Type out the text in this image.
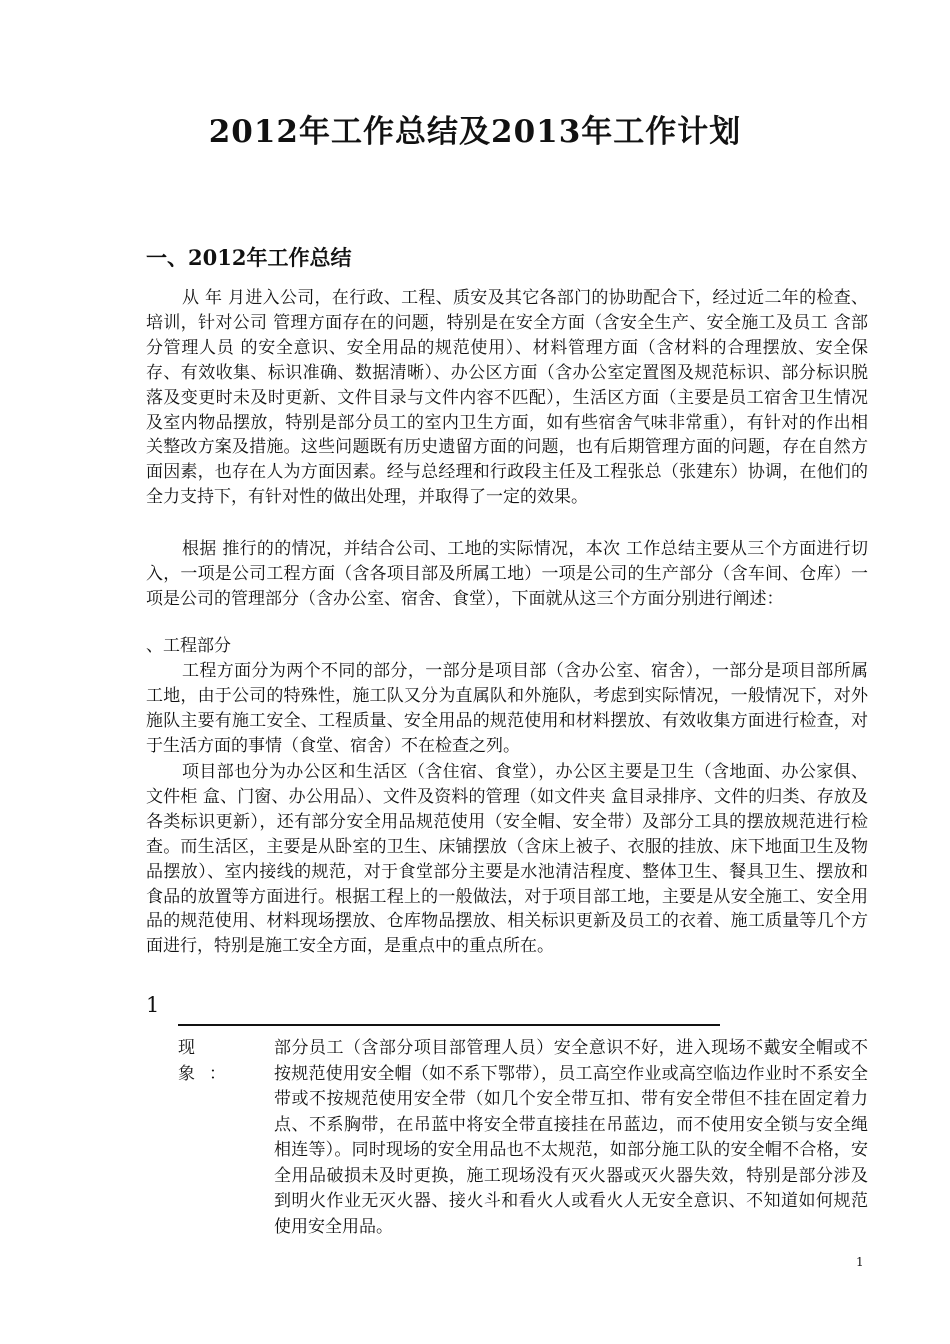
2012年工作总结及2013年工作计划
一、2012年工作总结

从 年 月进入公司，在行政、工程、质安及其它各部门的协助配合下，经过近二年的检查、培训，针对公司 管理方面存在的问题，特别是在安全方面（含安全生产、安全施工及员工 含部分管理人员 的安全意识、安全用品的规范使用）、材料管理方面（含材料的合理摆放、安全保存、有效收集、标识准确、数据清晰）、办公区方面（含办公室定置图及规范标识、部分标识脱落及变更时未及时更新、文件目录与文件内容不匹配），生活区方面（主要是员工宿舍卫生情况及室内物品摆放，特别是部分员工的室内卫生方面，如有些宿舍气味非常重），有针对的作出相关整改方案及措施。这些问题既有历史遗留方面的问题，也有后期管理方面的问题，存在自然方面因素，也存在人为方面因素。经与总经理和行政段主任及工程张总（张建东）协调，在他们的全力支持下，有针对性的做出处理，并取得了一定的效果。

根据 推行的的情况，并结合公司、工地的实际情况，本次 工作总结主要从三个方面进行切入，一项是公司工程方面（含各项目部及所属工地）一项是公司的生产部分（含车间、仓库）一项是公司的管理部分（含办公室、宿舍、食堂），下面就从这三个方面分别进行阐述：

、工程部分

工程方面分为两个不同的部分，一部分是项目部（含办公室、宿舍），一部分是项目部所属工地，由于公司的特殊性，施工队又分为直属队和外施队，考虑到实际情况，一般情况下，对外施队主要有施工安全、工程质量、安全用品的规范使用和材料摆放、有效收集方面进行检查，对于生活方面的事情（食堂、宿舍）不在检查之列。

项目部也分为办公区和生活区（含住宿、食堂），办公区主要是卫生（含地面、办公家俱、文件柜 盒、门窗、办公用品）、文件及资料的管理（如文件夹 盒目录排序、文件的归类、存放及各类标识更新），还有部分安全用品规范使用（安全帽、安全带）及部分工具的摆放规范进行检查。而生活区，主要是从卧室的卫生、床铺摆放（含床上被子、衣服的挂放、床下地面卫生及物品摆放）、室内接线的规范，对于食堂部分主要是水池清洁程度、整体卫生、餐具卫生、摆放和食品的放置等方面进行。根据工程上的一般做法，对于项目部工地，主要是从安全施工、安全用品的规范使用、材料现场摆放、仓库物品摆放、相关标识更新及员工的衣着、施工质量等几个方面进行，特别是施工安全方面，是重点中的重点所在。

1
现 象：

部分员工（含部分项目部管理人员）安全意识不好，进入现场不戴安全帽或不按规范使用安全帽（如不系下鄂带），员工高空作业或高空临边作业时不系安全带或不按规范使用安全带（如几个安全带互扣、带有安全带但不挂在固定着力点、不系胸带，在吊蓝中将安全带直接挂在吊蓝边，而不使用安全锁与安全绳相连等）。同时现场的安全用品也不太规范，如部分施工队的安全帽不合格，安全用品破损未及时更换，施工现场没有灭火器或灭火器失效，特别是部分涉及到明火作业无灭火器、接火斗和看火人或看火人无安全意识、不知道如何规范使用安全用品。

1
